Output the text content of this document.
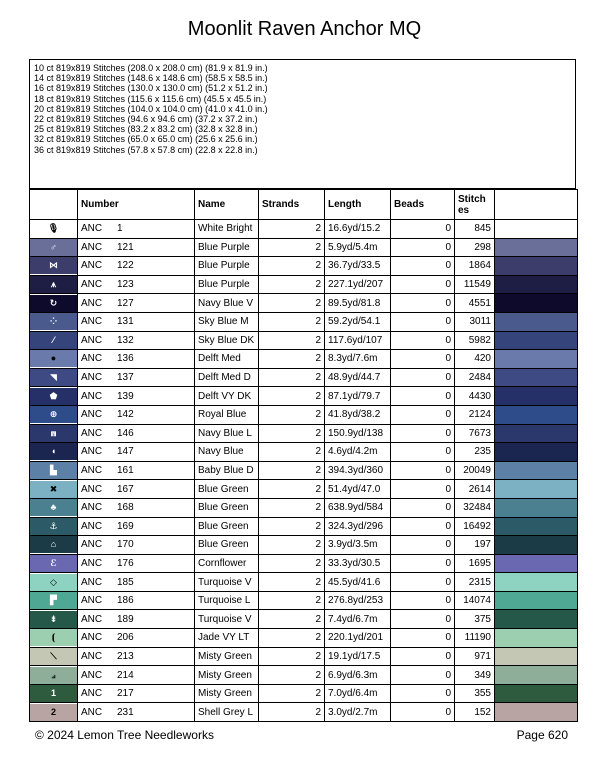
Moonlit Raven Anchor MQ
10 ct 819x819 Stitches (208.0 x 208.0 cm) (81.9 x 81.9 in.)
14 ct 819x819 Stitches (148.6 x 148.6 cm) (58.5 x 58.5 in.)
16 ct 819x819 Stitches (130.0 x 130.0 cm) (51.2 x 51.2 in.)
18 ct 819x819 Stitches (115.6 x 115.6 cm) (45.5 x 45.5 in.)
20 ct 819x819 Stitches (104.0 x 104.0 cm) (41.0 x 41.0 in.)
22 ct 819x819 Stitches (94.6 x 94.6 cm) (37.2 x 37.2 in.)
25 ct 819x819 Stitches (83.2 x 83.2 cm) (32.8 x 32.8 in.)
32 ct 819x819 Stitches (65.0 x 65.0 cm) (25.6 x 25.6 in.)
36 ct 819x819 Stitches (57.8 x 57.8 cm) (22.8 x 22.8 in.)
	Number	Name	Strands	Length	Beads	Stitch es	

🎙	ANC 1	White Bright	2	16.6yd/15.2	0	845	

♂	ANC 121	Blue Purple	2	5.9yd/5.4m	0	298	

⋈	ANC 122	Blue Purple	2	36.7yd/33.5	0	1864	

⩚	ANC 123	Blue Purple	2	227.1yd/207	0	11549	

↻	ANC 127	Navy Blue V	2	89.5yd/81.8	0	4551	

⁘	ANC 131	Sky Blue M	2	59.2yd/54.1	0	3011	

⁄	ANC 132	Sky Blue DK	2	117.6yd/107	0	5982	

●	ANC 136	Delft Med	2	8.3yd/7.6m	0	420	

◥	ANC 137	Delft Med D	2	48.9yd/44.7	0	2484	

⬟	ANC 139	Delft VY DK	2	87.1yd/79.7	0	4430	

⊕	ANC 142	Royal Blue	2	41.8yd/38.2	0	2124	

⩎	ANC 146	Navy Blue L	2	150.9yd/138	0	7673	

◖	ANC 147	Navy Blue	2	4.6yd/4.2m	0	235	

▙	ANC 161	Baby Blue D	2	394.3yd/360	0	20049	

✖	ANC 167	Blue Green	2	51.4yd/47.0	0	2614	

♣	ANC 168	Blue Green	2	638.9yd/584	0	32484	

⚓	ANC 169	Blue Green	2	324.3yd/296	0	16492	

⌂	ANC 170	Blue Green	2	3.9yd/3.5m	0	197	

ℰ	ANC 176	Cornflower	2	33.3yd/30.5	0	1695	

◇	ANC 185	Turquoise V	2	45.5yd/41.6	0	2315	

▛	ANC 186	Turquoise L	2	276.8yd/253	0	14074	

⇟	ANC 189	Turquoise V	2	7.4yd/6.7m	0	375	

⦗	ANC 206	Jade VY LT	2	220.1yd/201	0	11190	

⟍	ANC 213	Misty Green	2	19.1yd/17.5	0	971	

⟓	ANC 214	Misty Green	2	6.9yd/6.3m	0	349	

1	ANC 217	Misty Green	2	7.0yd/6.4m	0	355	

2	ANC 231	Shell Grey L	2	3.0yd/2.7m	0	152	
© 2024 Lemon Tree Needleworks	Page 620
